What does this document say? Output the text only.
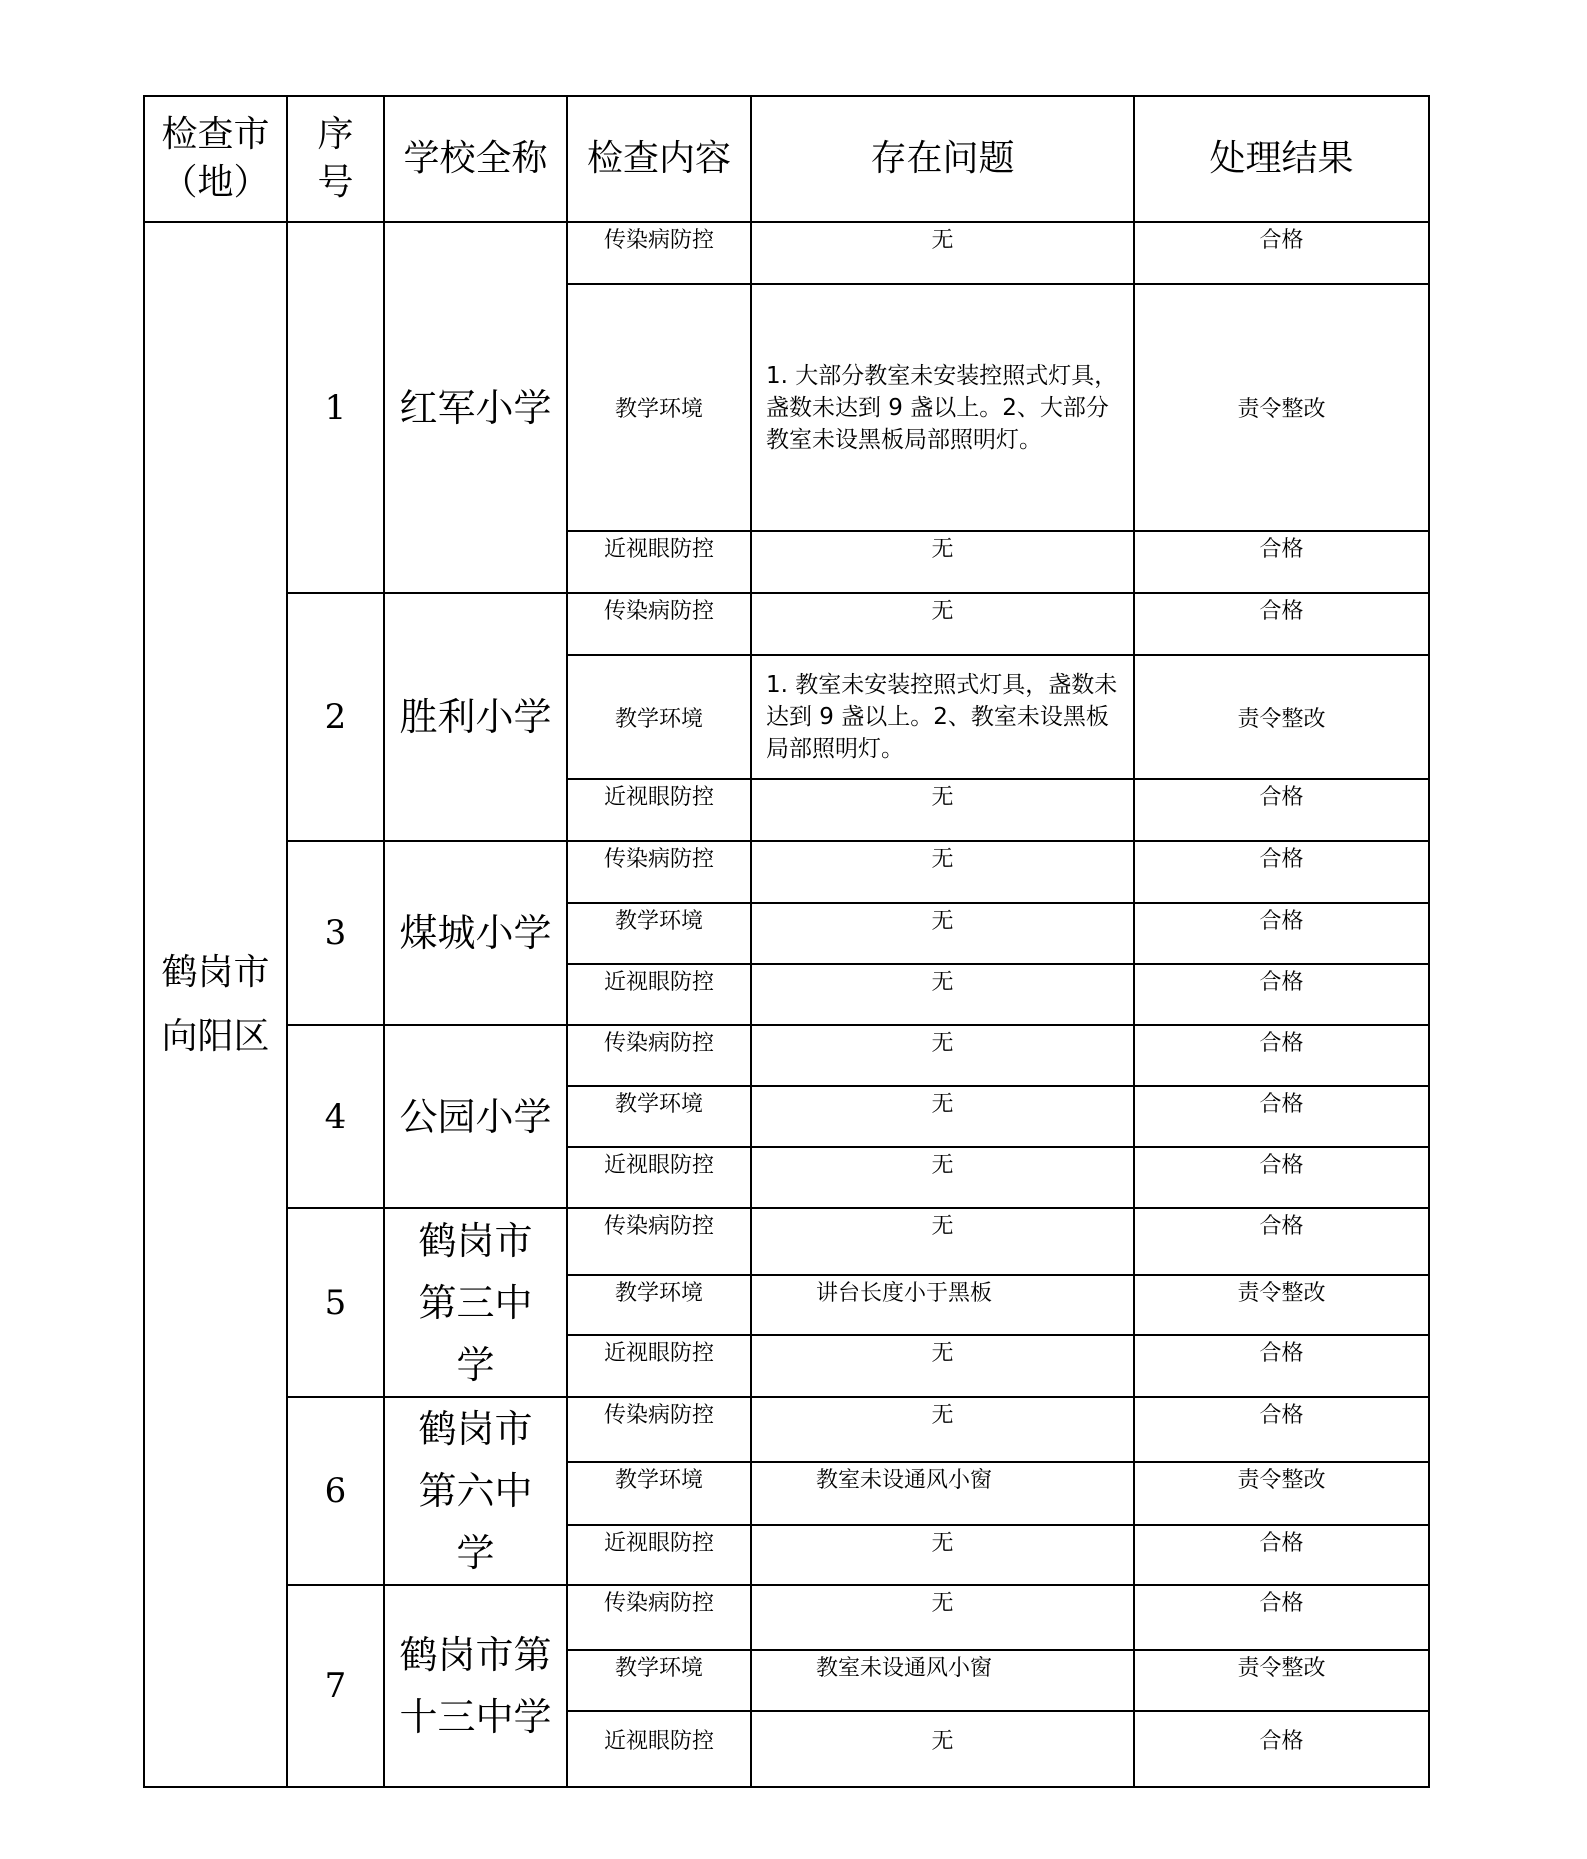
检查市（地）	序号	学校全称	检查内容	存在问题	处理结果
鹤岗市向阳区	1	红军小学	传染病防控	无	合格
			教学环境	1. 大部分教室未安装控照式灯具，盏数未达到 9 盏以上。2、大部分教室未设黑板局部照明灯。	责令整改
			近视眼防控	无	合格
	2	胜利小学	传染病防控	无	合格
			教学环境	1. 教室未安装控照式灯具，盏数未达到 9 盏以上。2、教室未设黑板局部照明灯。	责令整改
			近视眼防控	无	合格
	3	煤城小学	传染病防控	无	合格
			教学环境	无	合格
			近视眼防控	无	合格
	4	公园小学	传染病防控	无	合格
			教学环境	无	合格
			近视眼防控	无	合格
	5	鹤岗市第三中学	传染病防控	无	合格
			教学环境	讲台长度小于黑板	责令整改
			近视眼防控	无	合格
	6	鹤岗市第六中学	传染病防控	无	合格
			教学环境	教室未设通风小窗	责令整改
			近视眼防控	无	合格
	7	鹤岗市第十三中学	传染病防控	无	合格
			教学环境	教室未设通风小窗	责令整改
			近视眼防控	无	合格
